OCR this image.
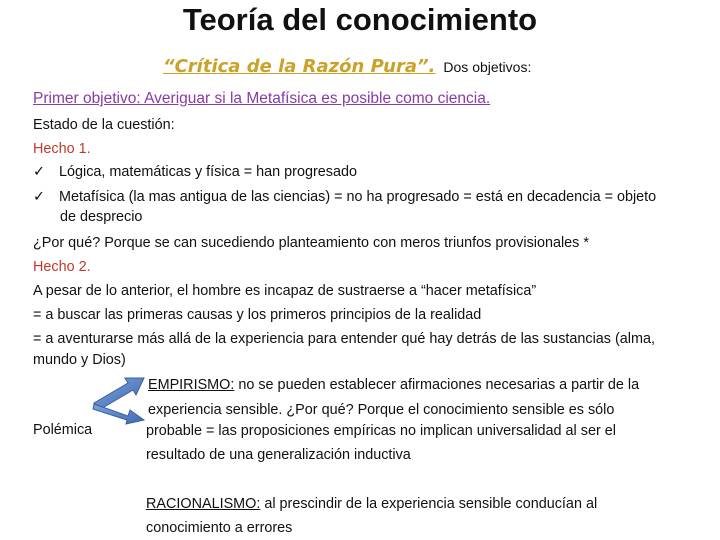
Teoría del conocimiento
“Crítica de la Razón Pura”. Dos objetivos:
Primer objetivo: Averiguar si la Metafísica es posible como ciencia.
Estado de la cuestión:
Hecho 1.
✓ Lógica, matemáticas y física = han progresado
✓ Metafísica (la mas antigua de las ciencias) = no ha progresado = está en decadencia = objeto
de desprecio
¿Por qué? Porque se can sucediendo planteamiento con meros triunfos provisionales *
Hecho 2.
A pesar de lo anterior, el hombre es incapaz de sustraerse a “hacer metafísica”
= a buscar las primeras causas y los primeros principios de la realidad
= a aventurarse más allá de la experiencia para entender qué hay detrás de las sustancias (alma,
mundo y Dios)
Polémica
EMPIRISMO: no se pueden establecer afirmaciones necesarias a partir de la
experiencia sensible. ¿Por qué? Porque el conocimiento sensible es sólo
probable = las proposiciones empíricas no implican universalidad al ser el
resultado de una generalización inductiva
RACIONALISMO: al prescindir de la experiencia sensible conducían al
conocimiento a errores
